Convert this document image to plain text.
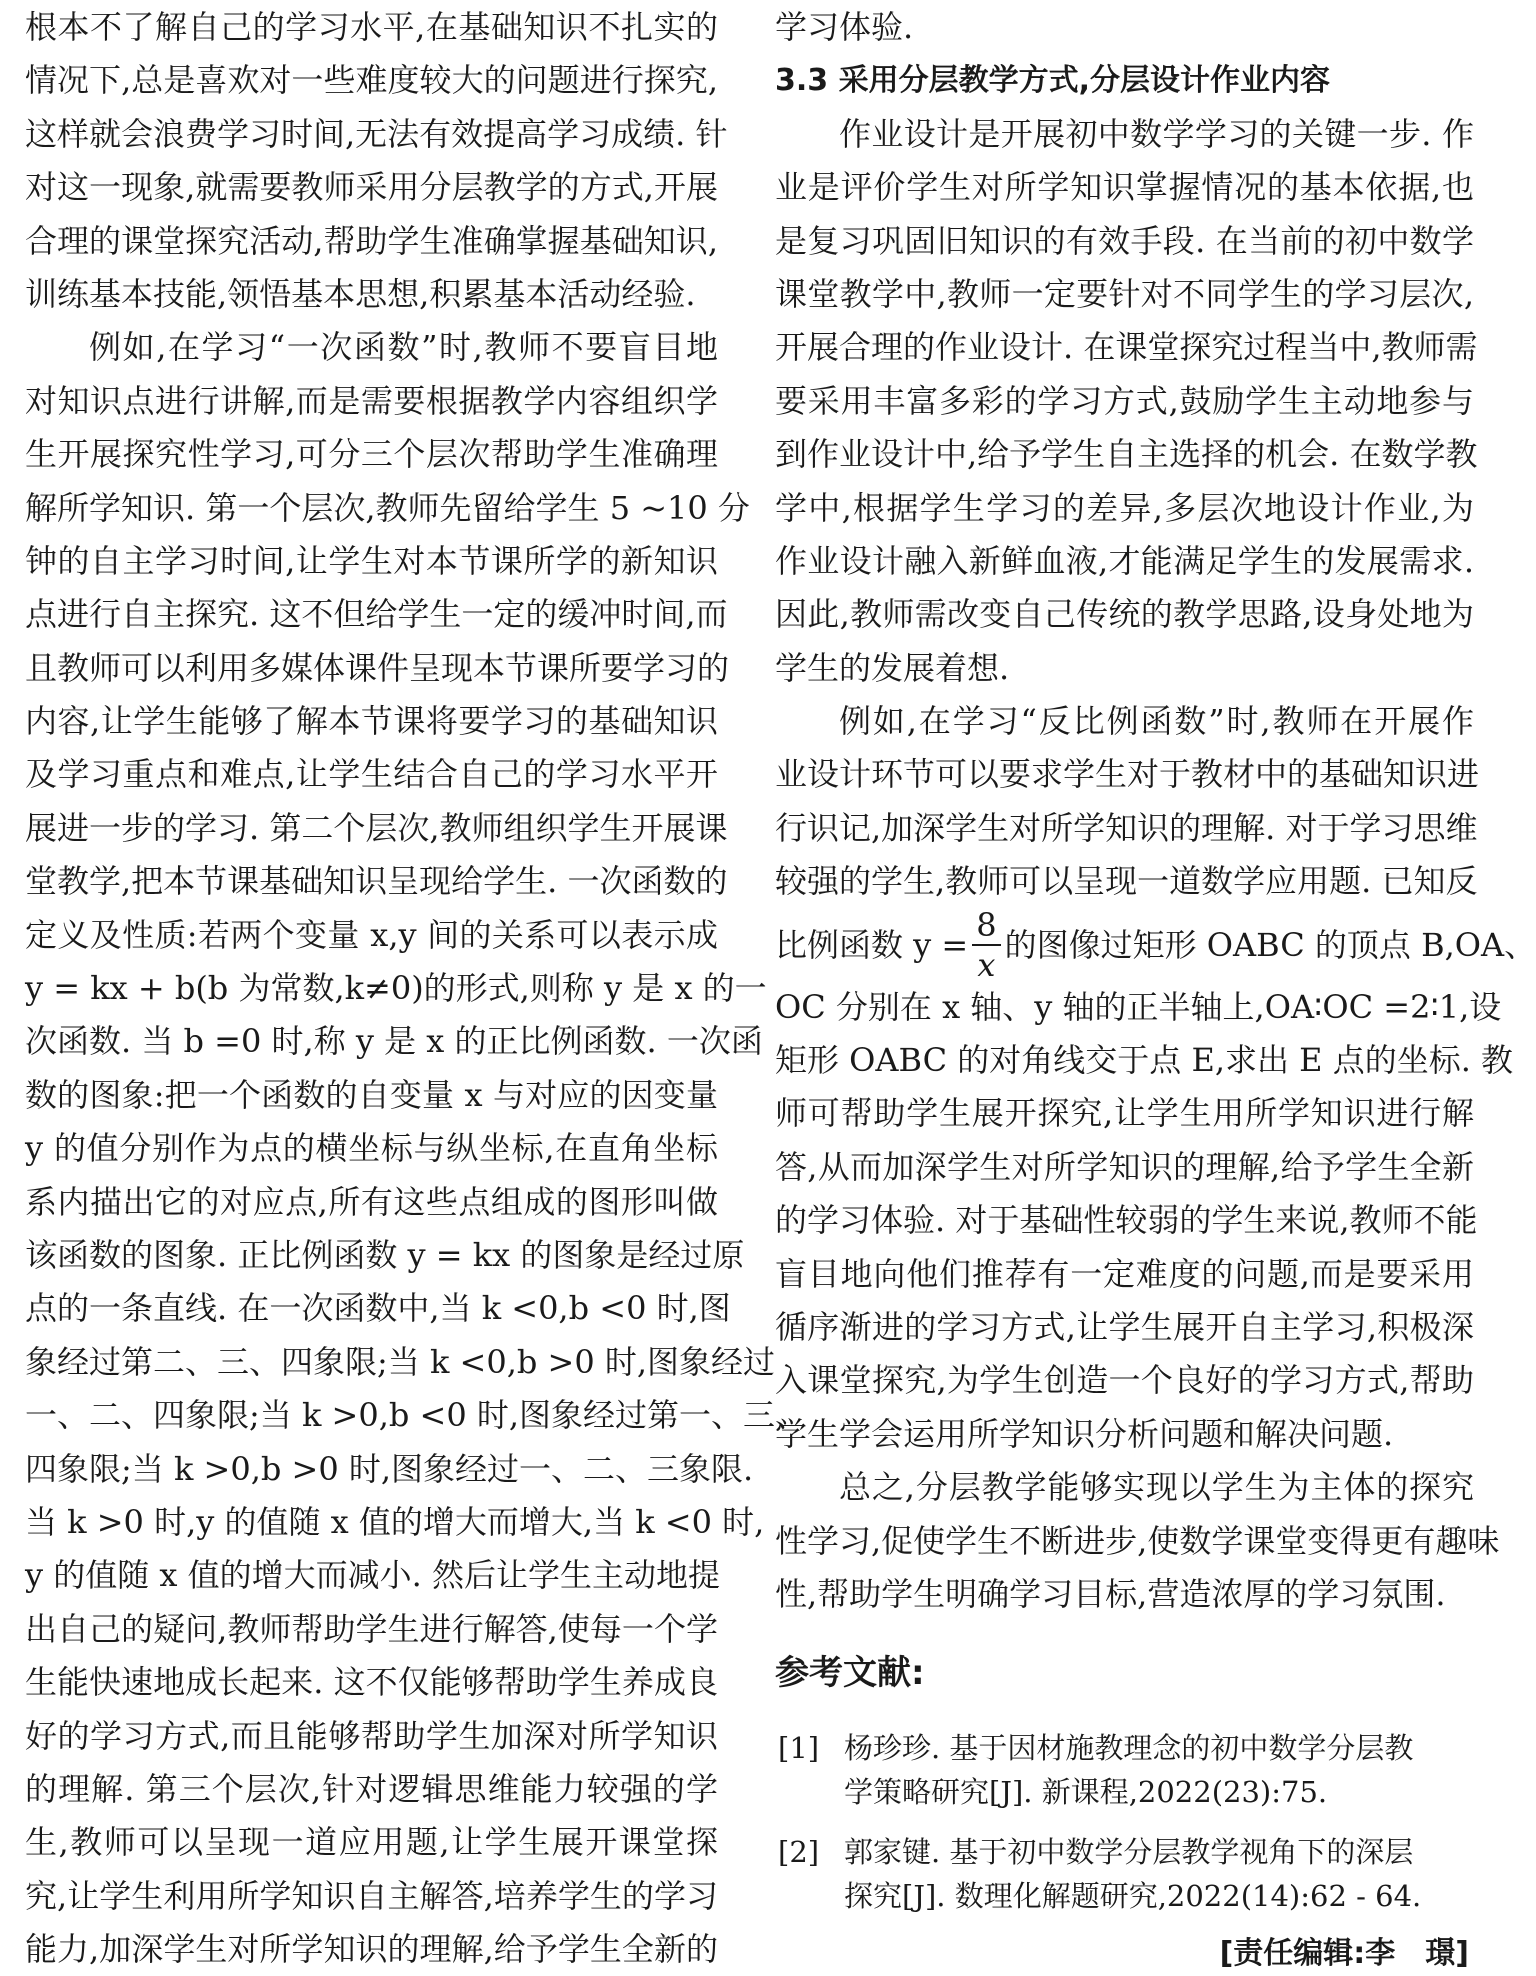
根本不了解自己的学习水平,在基础知识不扎实的
情况下,总是喜欢对一些难度较大的问题进行探究,
这样就会浪费学习时间,无法有效提高学习成绩. 针
对这一现象,就需要教师采用分层教学的方式,开展
合理的课堂探究活动,帮助学生准确掌握基础知识,
训练基本技能,领悟基本思想,积累基本活动经验.
例如,在学习“一次函数”时,教师不要盲目地
对知识点进行讲解,而是需要根据教学内容组织学
生开展探究性学习,可分三个层次帮助学生准确理
解所学知识. 第一个层次,教师先留给学生 5 ~10 分
钟的自主学习时间,让学生对本节课所学的新知识
点进行自主探究. 这不但给学生一定的缓冲时间,而
且教师可以利用多媒体课件呈现本节课所要学习的
内容,让学生能够了解本节课将要学习的基础知识
及学习重点和难点,让学生结合自己的学习水平开
展进一步的学习. 第二个层次,教师组织学生开展课
堂教学,把本节课基础知识呈现给学生. 一次函数的
定义及性质:若两个变量 x,y 间的关系可以表示成
y = kx + b(b 为常数,k≠0)的形式,则称 y 是 x 的一
次函数. 当 b =0 时,称 y 是 x 的正比例函数. 一次函
数的图象:把一个函数的自变量 x 与对应的因变量
y 的值分别作为点的横坐标与纵坐标,在直角坐标
系内描出它的对应点,所有这些点组成的图形叫做
该函数的图象. 正比例函数 y = kx 的图象是经过原
点的一条直线. 在一次函数中,当 k <0,b <0 时,图
象经过第二、三、四象限;当 k <0,b >0 时,图象经过
一、二、四象限;当 k >0,b <0 时,图象经过第一、三、
四象限;当 k >0,b >0 时,图象经过一、二、三象限.
当 k >0 时,y 的值随 x 值的增大而增大,当 k <0 时,
y 的值随 x 值的增大而减小. 然后让学生主动地提
出自己的疑问,教师帮助学生进行解答,使每一个学
生能快速地成长起来. 这不仅能够帮助学生养成良
好的学习方式,而且能够帮助学生加深对所学知识
的理解. 第三个层次,针对逻辑思维能力较强的学
生,教师可以呈现一道应用题,让学生展开课堂探
究,让学生利用所学知识自主解答,培养学生的学习
能力,加深学生对所学知识的理解,给予学生全新的
学习体验.
3.3 采用分层教学方式,分层设计作业内容
作业设计是开展初中数学学习的关键一步. 作
业是评价学生对所学知识掌握情况的基本依据,也
是复习巩固旧知识的有效手段. 在当前的初中数学
课堂教学中,教师一定要针对不同学生的学习层次,
开展合理的作业设计. 在课堂探究过程当中,教师需
要采用丰富多彩的学习方式,鼓励学生主动地参与
到作业设计中,给予学生自主选择的机会. 在数学教
学中,根据学生学习的差异,多层次地设计作业,为
作业设计融入新鲜血液,才能满足学生的发展需求.
因此,教师需改变自己传统的教学思路,设身处地为
学生的发展着想.
例如,在学习“反比例函数”时,教师在开展作
业设计环节可以要求学生对于教材中的基础知识进
行识记,加深学生对所学知识的理解. 对于学习思维
较强的学生,教师可以呈现一道数学应用题. 已知反
比例函数 $y = \frac{8}{x}$ 的图像过矩形 OABC 的顶点 B,OA、
OC 分别在 x 轴、y 轴的正半轴上,OA∶OC =2∶1,设
矩形 OABC 的对角线交于点 E,求出 E 点的坐标. 教
师可帮助学生展开探究,让学生用所学知识进行解
答,从而加深学生对所学知识的理解,给予学生全新
的学习体验. 对于基础性较弱的学生来说,教师不能
盲目地向他们推荐有一定难度的问题,而是要采用
循序渐进的学习方式,让学生展开自主学习,积极深
入课堂探究,为学生创造一个良好的学习方式,帮助
学生学会运用所学知识分析问题和解决问题.
总之,分层教学能够实现以学生为主体的探究
性学习,促使学生不断进步,使数学课堂变得更有趣味
性,帮助学生明确学习目标,营造浓厚的学习氛围.
参考文献:
[1] 杨珍珍. 基于因材施教理念的初中数学分层教
学策略研究[J]. 新课程,2022(23):75.
[2] 郭家键. 基于初中数学分层教学视角下的深层
探究[J]. 数理化解题研究,2022(14):62 - 64.
[责任编辑:李　璟]
